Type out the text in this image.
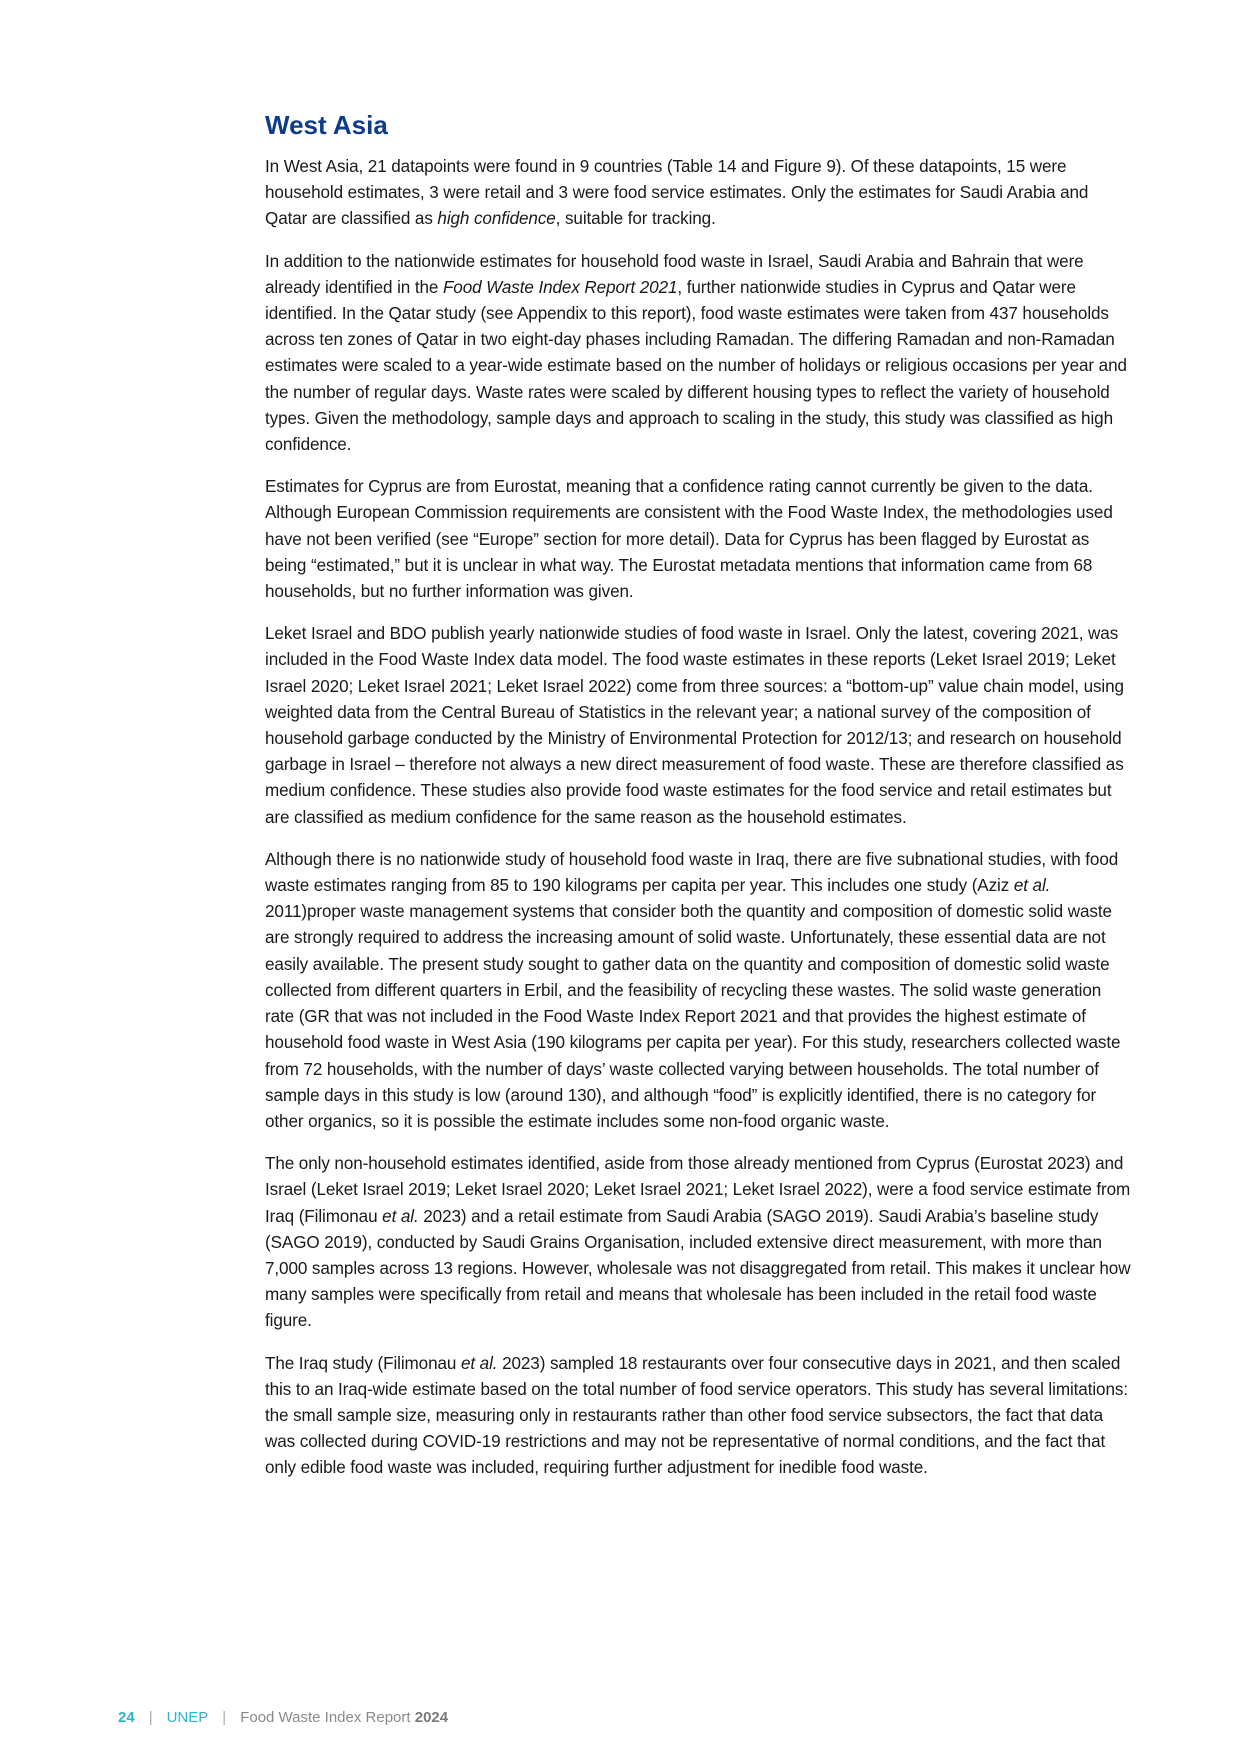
West Asia

In West Asia, 21 datapoints were found in 9 countries (Table 14 and Figure 9). Of these datapoints, 15 were household estimates, 3 were retail and 3 were food service estimates. Only the estimates for Saudi Arabia and Qatar are classified as high confidence, suitable for tracking.

In addition to the nationwide estimates for household food waste in Israel, Saudi Arabia and Bahrain that were already identified in the Food Waste Index Report 2021, further nationwide studies in Cyprus and Qatar were identified. In the Qatar study (see Appendix to this report), food waste estimates were taken from 437 households across ten zones of Qatar in two eight-day phases including Ramadan. The differing Ramadan and non-Ramadan estimates were scaled to a year-wide estimate based on the number of holidays or religious occasions per year and the number of regular days. Waste rates were scaled by different housing types to reflect the variety of household types. Given the methodology, sample days and approach to scaling in the study, this study was classified as high confidence.

Estimates for Cyprus are from Eurostat, meaning that a confidence rating cannot currently be given to the data. Although European Commission requirements are consistent with the Food Waste Index, the methodologies used have not been verified (see “Europe” section for more detail). Data for Cyprus has been flagged by Eurostat as being “estimated,” but it is unclear in what way. The Eurostat metadata mentions that information came from 68 households, but no further information was given.

Leket Israel and BDO publish yearly nationwide studies of food waste in Israel. Only the latest, covering 2021, was included in the Food Waste Index data model. The food waste estimates in these reports (Leket Israel 2019; Leket Israel 2020; Leket Israel 2021; Leket Israel 2022) come from three sources: a “bottom-up” value chain model, using weighted data from the Central Bureau of Statistics in the relevant year; a national survey of the composition of household garbage conducted by the Ministry of Environmental Protection for 2012/13; and research on household garbage in Israel – therefore not always a new direct measurement of food waste. These are therefore classified as medium confidence. These studies also provide food waste estimates for the food service and retail estimates but are classified as medium confidence for the same reason as the household estimates.

Although there is no nationwide study of household food waste in Iraq, there are five subnational studies, with food waste estimates ranging from 85 to 190 kilograms per capita per year. This includes one study (Aziz et al. 2011)proper waste management systems that consider both the quantity and composition of domestic solid waste are strongly required to address the increasing amount of solid waste. Unfortunately, these essential data are not easily available. The present study sought to gather data on the quantity and composition of domestic solid waste collected from different quarters in Erbil, and the feasibility of recycling these wastes. The solid waste generation rate (GR that was not included in the Food Waste Index Report 2021 and that provides the highest estimate of household food waste in West Asia (190 kilograms per capita per year). For this study, researchers collected waste from 72 households, with the number of days’ waste collected varying between households. The total number of sample days in this study is low (around 130), and although “food” is explicitly identified, there is no category for other organics, so it is possible the estimate includes some non-food organic waste.

The only non-household estimates identified, aside from those already mentioned from Cyprus (Eurostat 2023) and Israel (Leket Israel 2019; Leket Israel 2020; Leket Israel 2021; Leket Israel 2022), were a food service estimate from Iraq (Filimonau et al. 2023) and a retail estimate from Saudi Arabia (SAGO 2019). Saudi Arabia’s baseline study (SAGO 2019), conducted by Saudi Grains Organisation, included extensive direct measurement, with more than 7,000 samples across 13 regions. However, wholesale was not disaggregated from retail. This makes it unclear how many samples were specifically from retail and means that wholesale has been included in the retail food waste figure.

The Iraq study (Filimonau et al. 2023) sampled 18 restaurants over four consecutive days in 2021, and then scaled this to an Iraq-wide estimate based on the total number of food service operators. This study has several limitations: the small sample size, measuring only in restaurants rather than other food service subsectors, the fact that data was collected during COVID-19 restrictions and may not be representative of normal conditions, and the fact that only edible food waste was included, requiring further adjustment for inedible food waste.

24 | UNEP | Food Waste Index Report 2024
